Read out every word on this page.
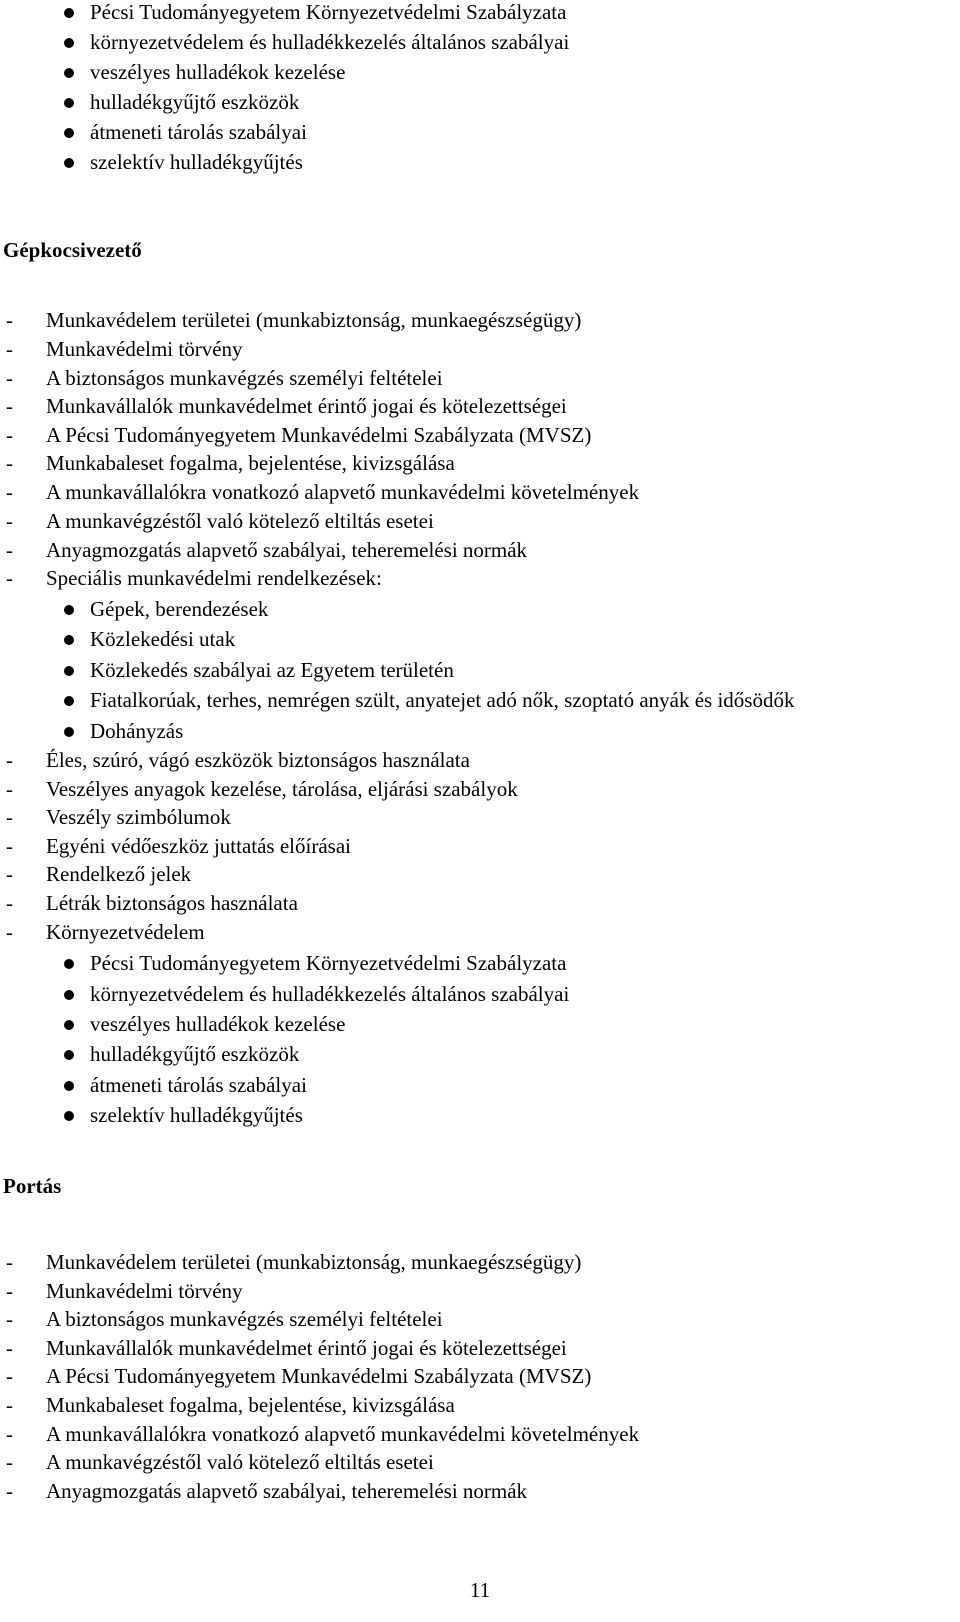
Pécsi Tudományegyetem Környezetvédelmi Szabályzata
környezetvédelem és hulladékkezelés általános szabályai
veszélyes hulladékok kezelése
hulladékgyűjtő eszközök
átmeneti tárolás szabályai
szelektív hulladékgyűjtés
Gépkocsivezető
- Munkavédelem területei (munkabiztonság, munkaegészségügy)
- Munkavédelmi törvény
- A biztonságos munkavégzés személyi feltételei
- Munkavállalók munkavédelmet érintő jogai és kötelezettségei
- A Pécsi Tudományegyetem Munkavédelmi Szabályzata (MVSZ)
- Munkabaleset fogalma, bejelentése, kivizsgálása
- A munkavállalókra vonatkozó alapvető munkavédelmi követelmények
- A munkavégzéstől való kötelező eltiltás esetei
- Anyagmozgatás alapvető szabályai, teheremelési normák
- Speciális munkavédelmi rendelkezések:
Gépek, berendezések
Közlekedési utak
Közlekedés szabályai az Egyetem területén
Fiatalkorúak, terhes, nemrégen szült, anyatejet adó nők, szoptató anyák és idősödők
Dohányzás
- Éles, szúró, vágó eszközök biztonságos használata
- Veszélyes anyagok kezelése, tárolása, eljárási szabályok
- Veszély szimbólumok
- Egyéni védőeszköz juttatás előírásai
- Rendelkező jelek
- Létrák biztonságos használata
- Környezetvédelem
Pécsi Tudományegyetem Környezetvédelmi Szabályzata
környezetvédelem és hulladékkezelés általános szabályai
veszélyes hulladékok kezelése
hulladékgyűjtő eszközök
átmeneti tárolás szabályai
szelektív hulladékgyűjtés
Portás
- Munkavédelem területei (munkabiztonság, munkaegészségügy)
- Munkavédelmi törvény
- A biztonságos munkavégzés személyi feltételei
- Munkavállalók munkavédelmet érintő jogai és kötelezettségei
- A Pécsi Tudományegyetem Munkavédelmi Szabályzata (MVSZ)
- Munkabaleset fogalma, bejelentése, kivizsgálása
- A munkavállalókra vonatkozó alapvető munkavédelmi követelmények
- A munkavégzéstől való kötelező eltiltás esetei
- Anyagmozgatás alapvető szabályai, teheremelési normák
11
